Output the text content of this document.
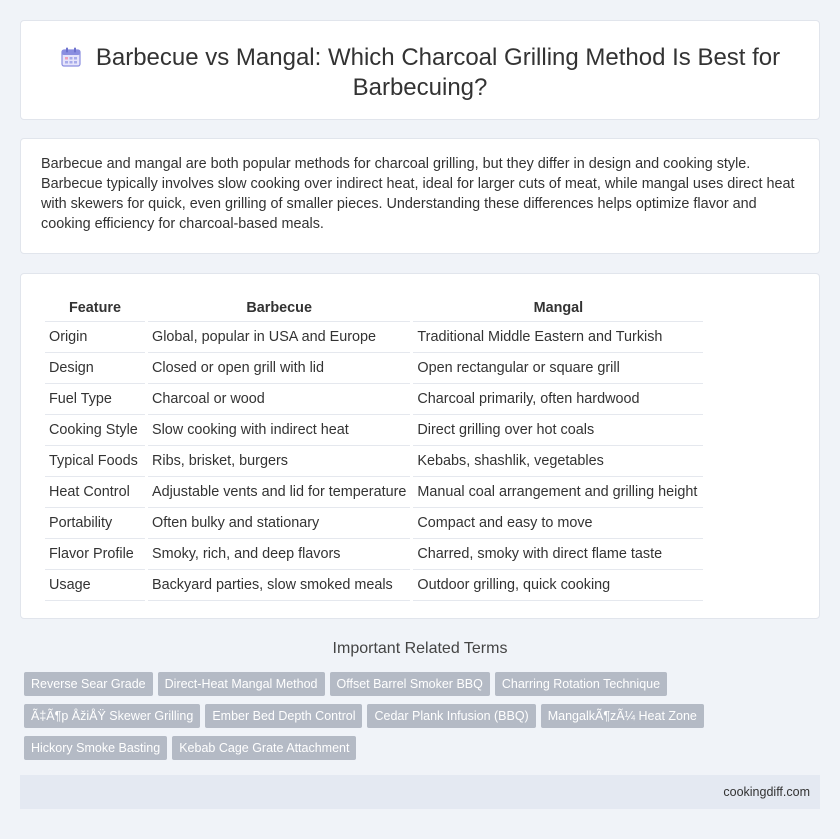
Barbecue vs Mangal: Which Charcoal Grilling Method Is Best for Barbecuing?

Barbecue and mangal are both popular methods for charcoal grilling, but they differ in design and cooking style. Barbecue typically involves slow cooking over indirect heat, ideal for larger cuts of meat, while mangal uses direct heat with skewers for quick, even grilling of smaller pieces. Understanding these differences helps optimize flavor and cooking efficiency for charcoal-based meals.

Feature	Barbecue	Mangal
Origin	Global, popular in USA and Europe	Traditional Middle Eastern and Turkish
Design	Closed or open grill with lid	Open rectangular or square grill
Fuel Type	Charcoal or wood	Charcoal primarily, often hardwood
Cooking Style	Slow cooking with indirect heat	Direct grilling over hot coals
Typical Foods	Ribs, brisket, burgers	Kebabs, shashlik, vegetables
Heat Control	Adjustable vents and lid for temperature	Manual coal arrangement and grilling height
Portability	Often bulky and stationary	Compact and easy to move
Flavor Profile	Smoky, rich, and deep flavors	Charred, smoky with direct flame taste
Usage	Backyard parties, slow smoked meals	Outdoor grilling, quick cooking
Important Related Terms
Reverse Sear Grade Direct-Heat Mangal Method Offset Barrel Smoker BBQ Charring Rotation Technique
Ã‡Ã¶p ÅžiÅŸ Skewer Grilling Ember Bed Depth Control Cedar Plank Infusion (BBQ) MangalkÃ¶zÃ¼ Heat Zone
Hickory Smoke Basting Kebab Cage Grate Attachment
cookingdiff.com
